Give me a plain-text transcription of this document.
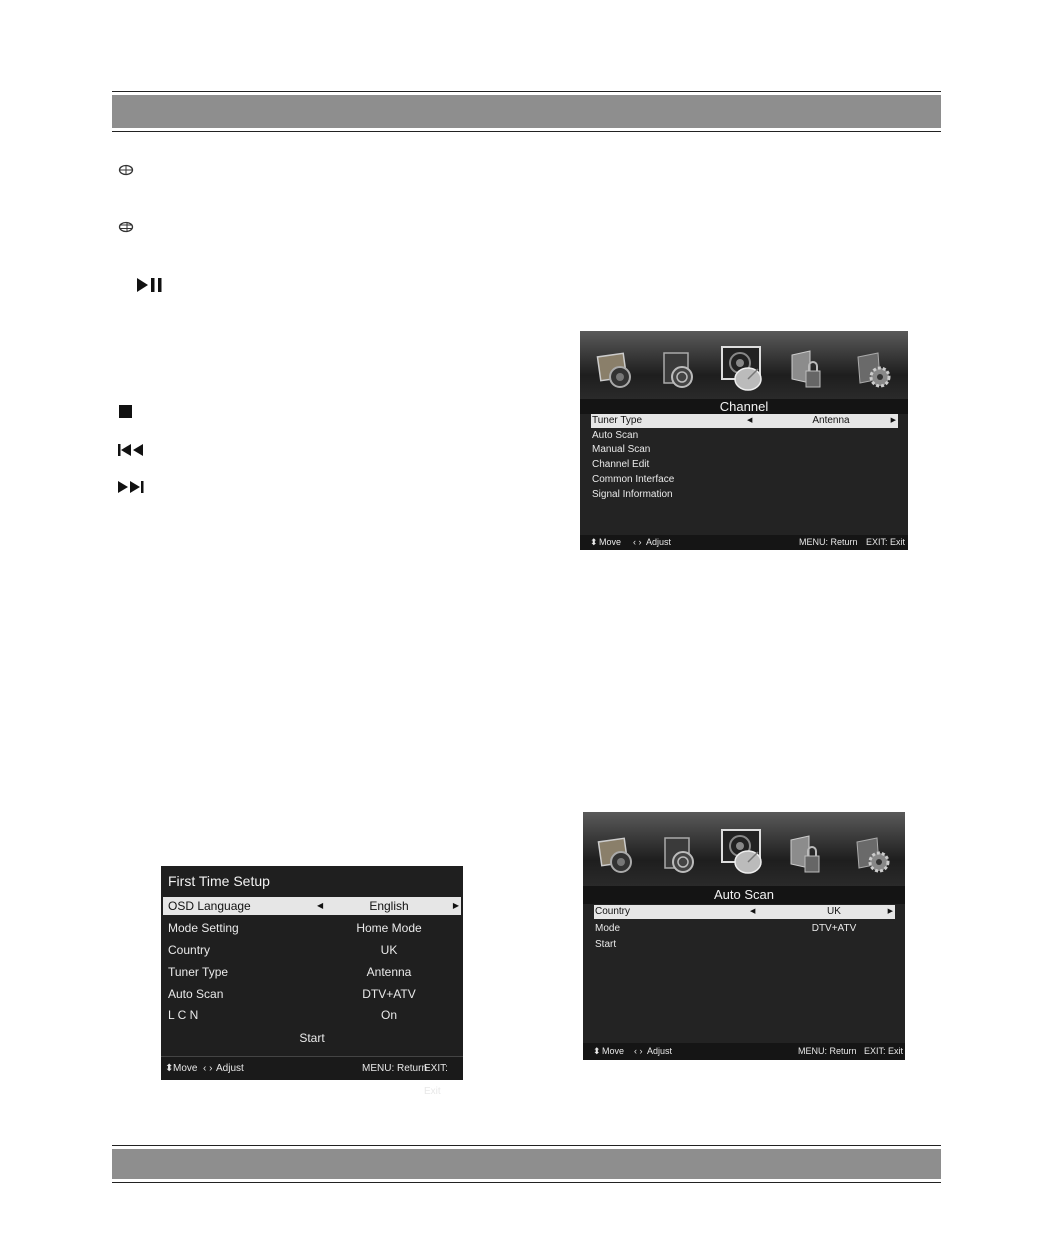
Channel
Tuner Type	◀	Antenna	▶
Auto Scan
Manual Scan
Channel Edit
Common Interface
Signal Information
⬍ Move ‹ › Adjust	MENU: Return EXIT: Exit
Auto Scan
Country	◀	UK	▶
Mode	DTV+ATV
Start
⬍ Move ‹ › Adjust	MENU: Return EXIT: Exit
First Time Setup
OSD Language	◀	English	▶
Mode Setting	Home Mode
Country	UK
Tuner Type	Antenna
Auto Scan	DTV+ATV
L C N	On
Start
⬍ Move ‹ › Adjust	MENU: Return
EXIT: Exit
